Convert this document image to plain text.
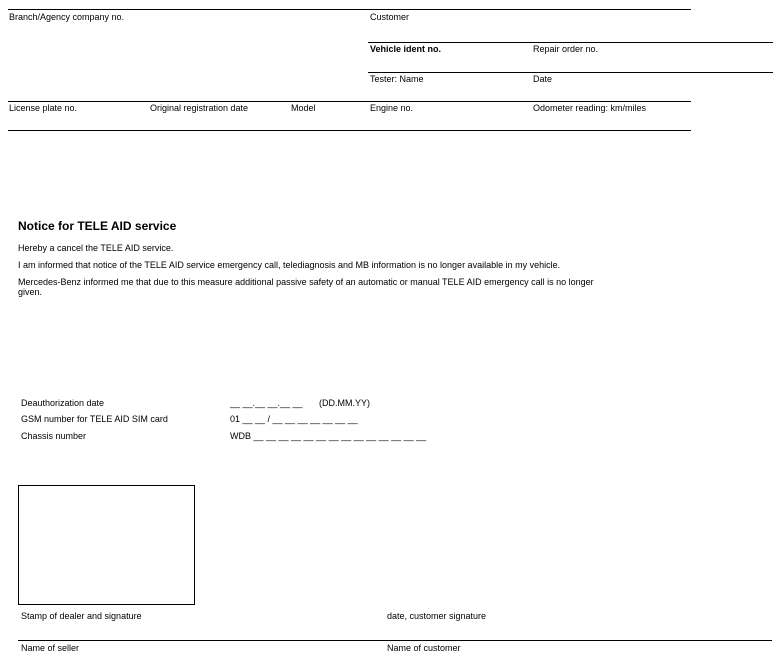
Branch/Agency company no.	Customer
Vehicle ident no.	Repair order no.
Tester: Name	Date
License plate no.	Original registration date	Model	Engine no.	Odometer reading: km/miles
Notice for TELE AID service
Hereby a cancel the TELE AID service.
I am informed that notice of the TELE AID service emergency call, telediagnosis and MB information is no longer available in my vehicle.
Mercedes-Benz informed me that due to this measure additional passive safety of an automatic or manual TELE AID emergency call is no longer
given.
Deauthorization date	__ __.__ __.__ __ (DD.MM.YY)
GSM number for TELE AID SIM card	01 __ __ / __ __ __ __ __ __ __
Chassis number	WDB __ __ __ __ __ __ __ __ __ __ __ __ __ __
Stamp of dealer and signature	date, customer signature
Name of seller	Name of customer
